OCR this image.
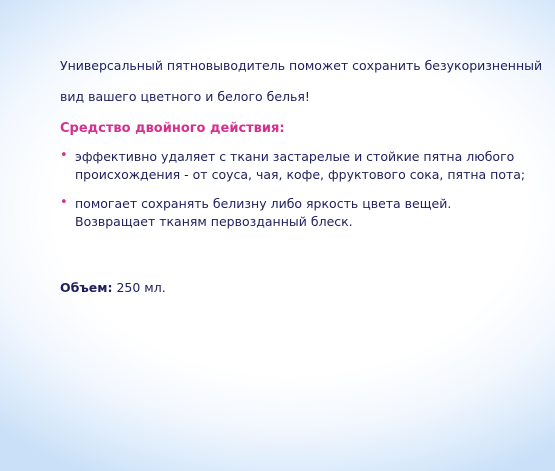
Универсальный пятновыводитель поможет сохранить безукоризненный

вид вашего цветного и белого белья!

Средство двойного действия:
• эффективно удаляет с ткани застарелые и стойкие пятна любого происхождения - от соуса, чая, кофе, фруктового сока, пятна пота;
• помогает сохранять белизну либо яркость цвета вещей. Возвращает тканям первозданный блеск.
Объем: 250 мл.
